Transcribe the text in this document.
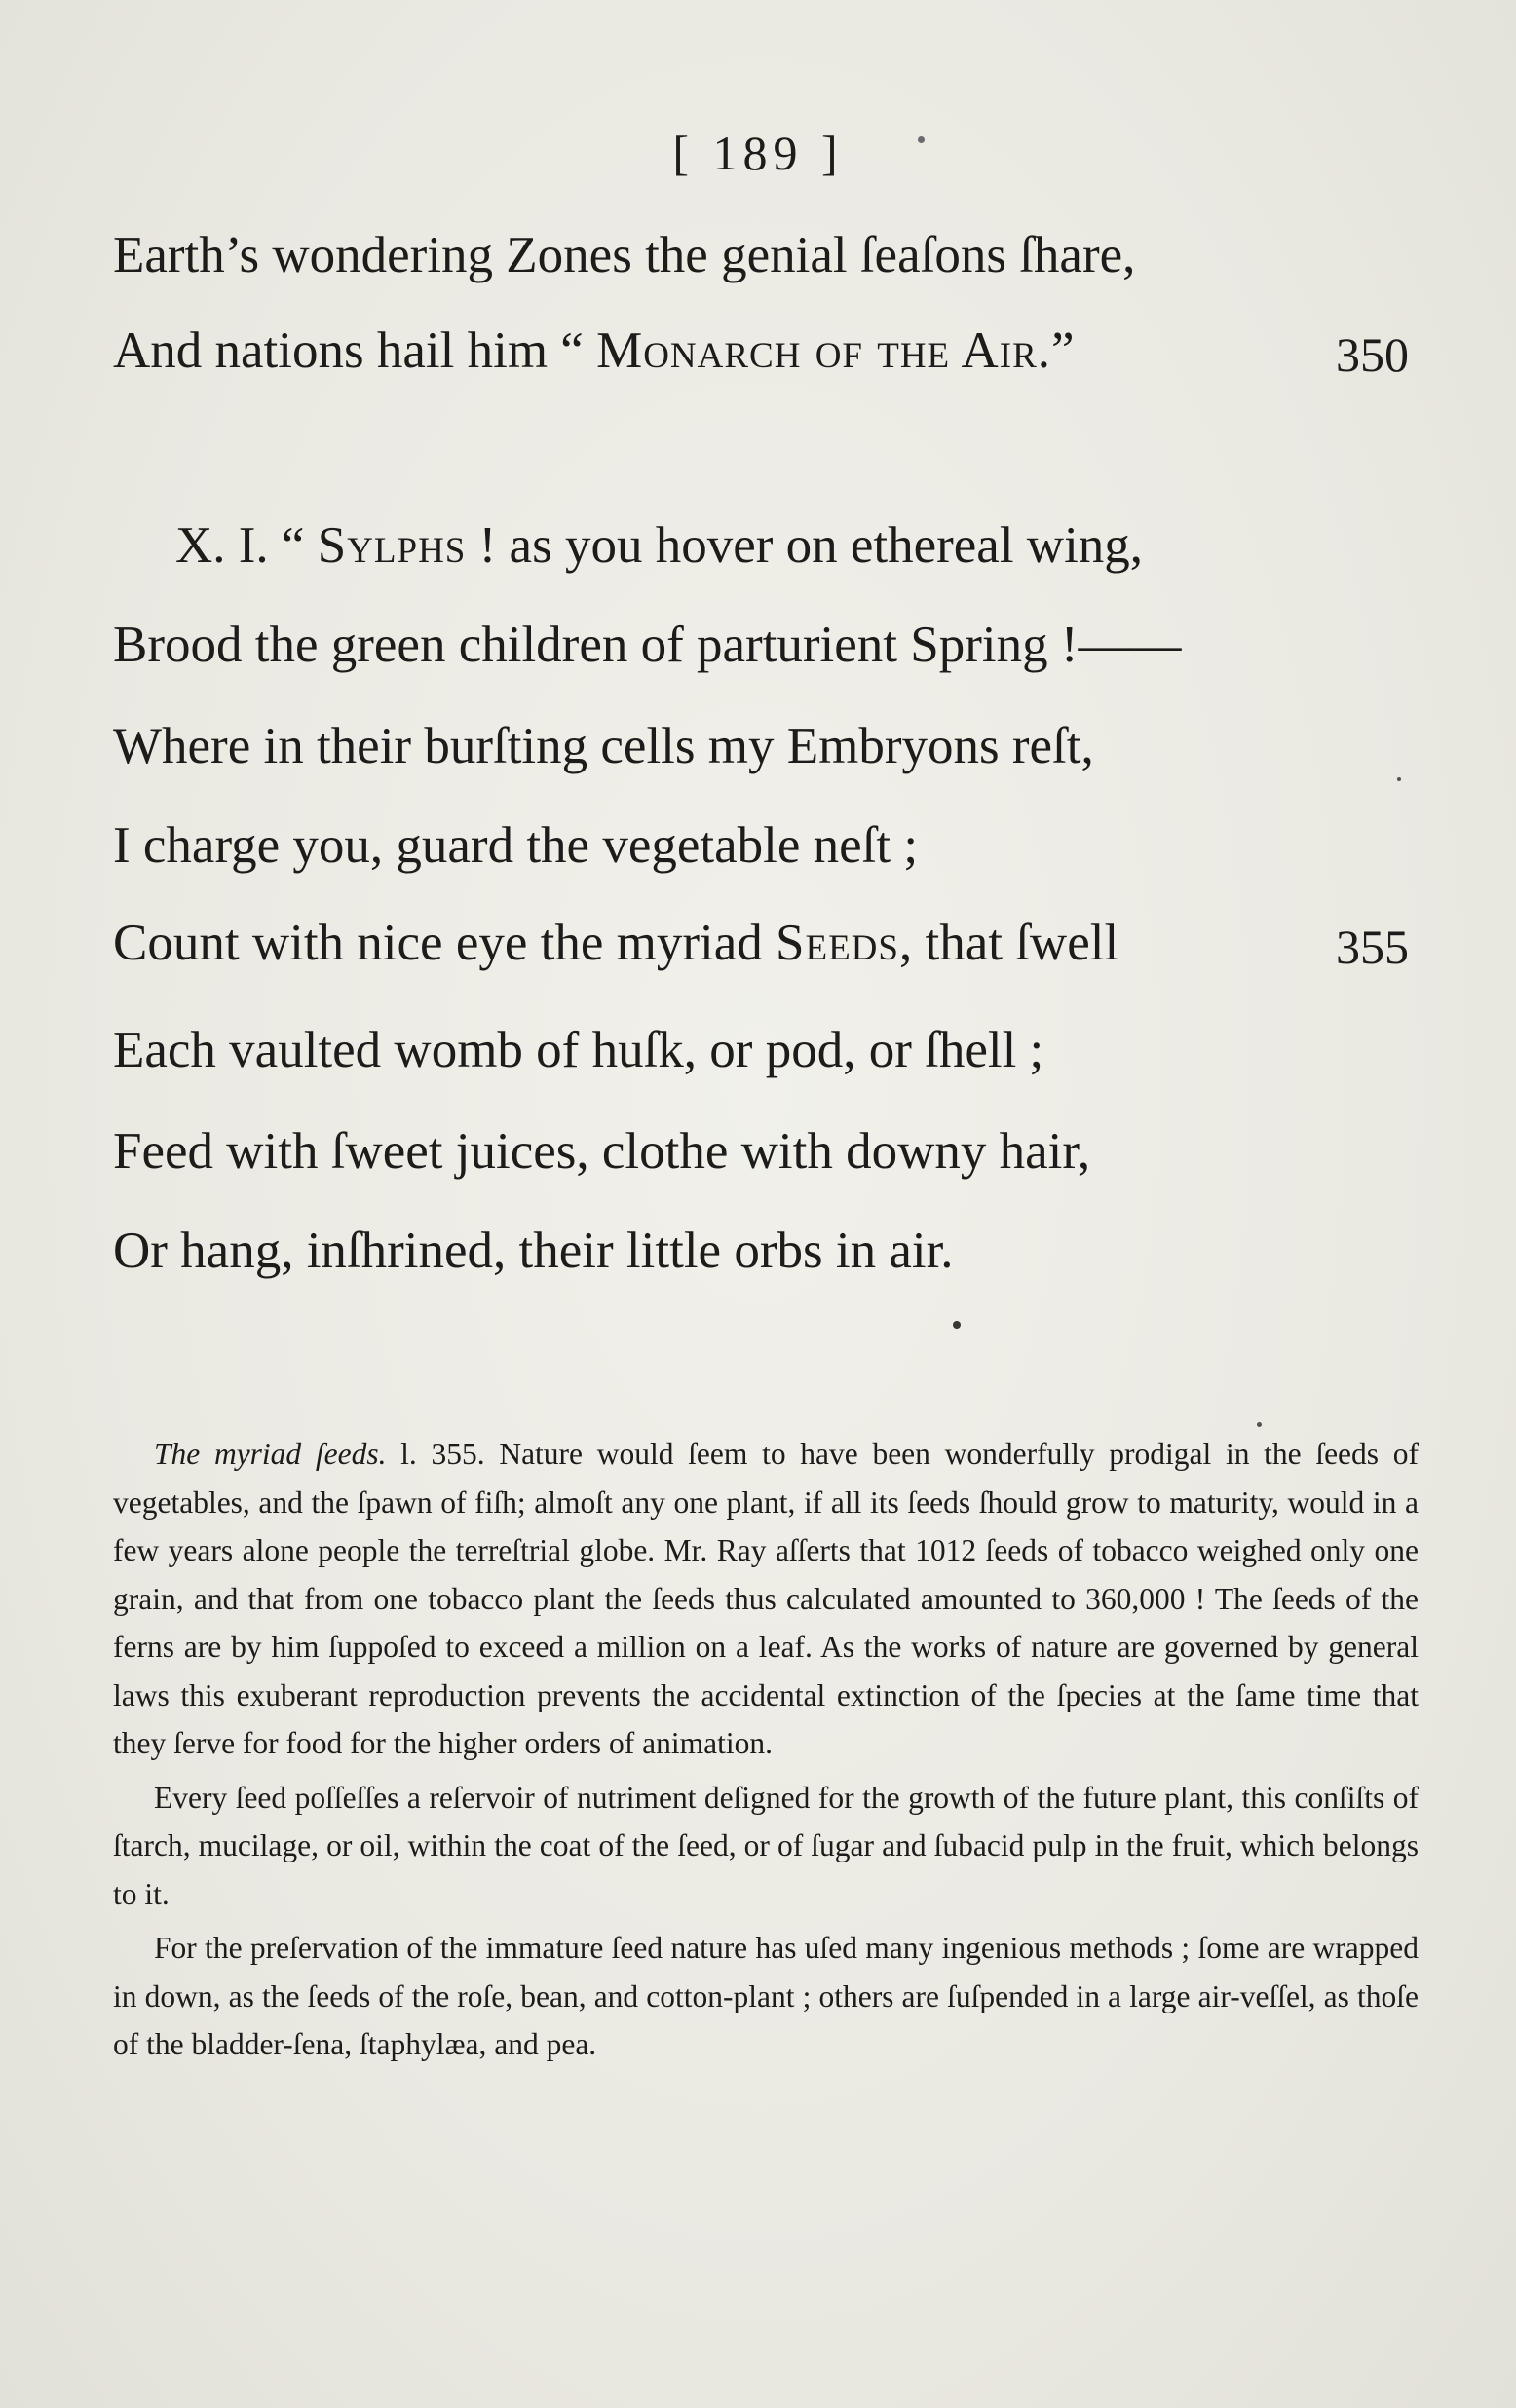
[ 189 ]
Earth’s wondering Zones the genial ſeaſons ſhare,
And nations hail him “ Monarch of the Air.”	350
X. I. “ Sylphs ! as you hover on ethereal wing,
Brood the green children of parturient Spring !——
Where in their burſting cells my Embryons reſt,
I charge you, guard the vegetable neſt ;
Count with nice eye the myriad Seeds, that ſwell	355
Each vaulted womb of huſk, or pod, or ſhell ;
Feed with ſweet juices, clothe with downy hair,
Or hang, inſhrined, their little orbs in air.

The myriad ſeeds. l. 355. Nature would ſeem to have been wonderfully prodigal in the ſeeds of vegetables, and the ſpawn of fiſh; almoſt any one plant, if all its ſeeds ſhould grow to maturity, would in a few years alone people the terreſtrial globe. Mr. Ray aſſerts that 1012 ſeeds of tobacco weighed only one grain, and that from one tobacco plant the ſeeds thus calculated amounted to 360,000 ! The ſeeds of the ferns are by him ſuppoſed to exceed a million on a leaf. As the works of nature are governed by general laws this exuberant reproduction prevents the accidental extinction of the ſpecies at the ſame time that they ſerve for food for the higher orders of animation.

Every ſeed poſſeſſes a reſervoir of nutriment deſigned for the growth of the future plant, this conſiſts of ſtarch, mucilage, or oil, within the coat of the ſeed, or of ſugar and ſubacid pulp in the fruit, which belongs to it.

For the preſervation of the immature ſeed nature has uſed many ingenious methods ; ſome are wrapped in down, as the ſeeds of the roſe, bean, and cotton-plant ; others are ſuſpended in a large air-veſſel, as thoſe of the bladder-ſena, ſtaphylæa, and pea.
